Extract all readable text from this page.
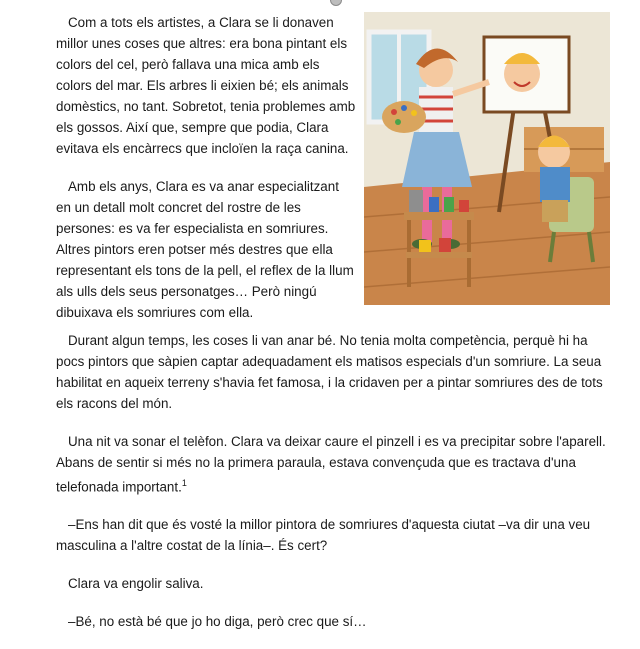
Com a tots els artistes, a Clara se li donaven millor unes coses que altres: era bona pintant els colors del cel, però fallava una mica amb els colors del mar. Els arbres li eixien bé; els animals domèstics, no tant. Sobretot, tenia problemes amb els gossos. Així que, sempre que podia, Clara evitava els encàrrecs que incloïen la raça canina.

Amb els anys, Clara es va anar especialitzant en un detall molt concret del rostre de les persones: es va fer especialista en somriures. Altres pintors eren potser més destres que ella representant els tons de la pell, el reflex de la llum als ulls dels seus personatges… Però ningú dibuixava els somriures com ella.

Durant algun temps, les coses li van anar bé. No tenia molta competència, perquè hi ha pocs pintors que sàpien captar adequadament els matisos especials d'un somriure. La seua habilitat en aqueix terreny s'havia fet famosa, i la cridaven per a pintar somriures des de tots els racons del món.

Una nit va sonar el telèfon. Clara va deixar caure el pinzell i es va precipitar sobre l'aparell. Abans de sentir si més no la primera paraula, estava convençuda que es tractava d'una telefonada important.$^1$

–Ens han dit que és vosté la millor pintora de somriures d'aquesta ciutat –va dir una veu masculina a l'altre costat de la línia–. És cert?

Clara va engolir saliva.

–Bé, no està bé que jo ho diga, però crec que sí…
